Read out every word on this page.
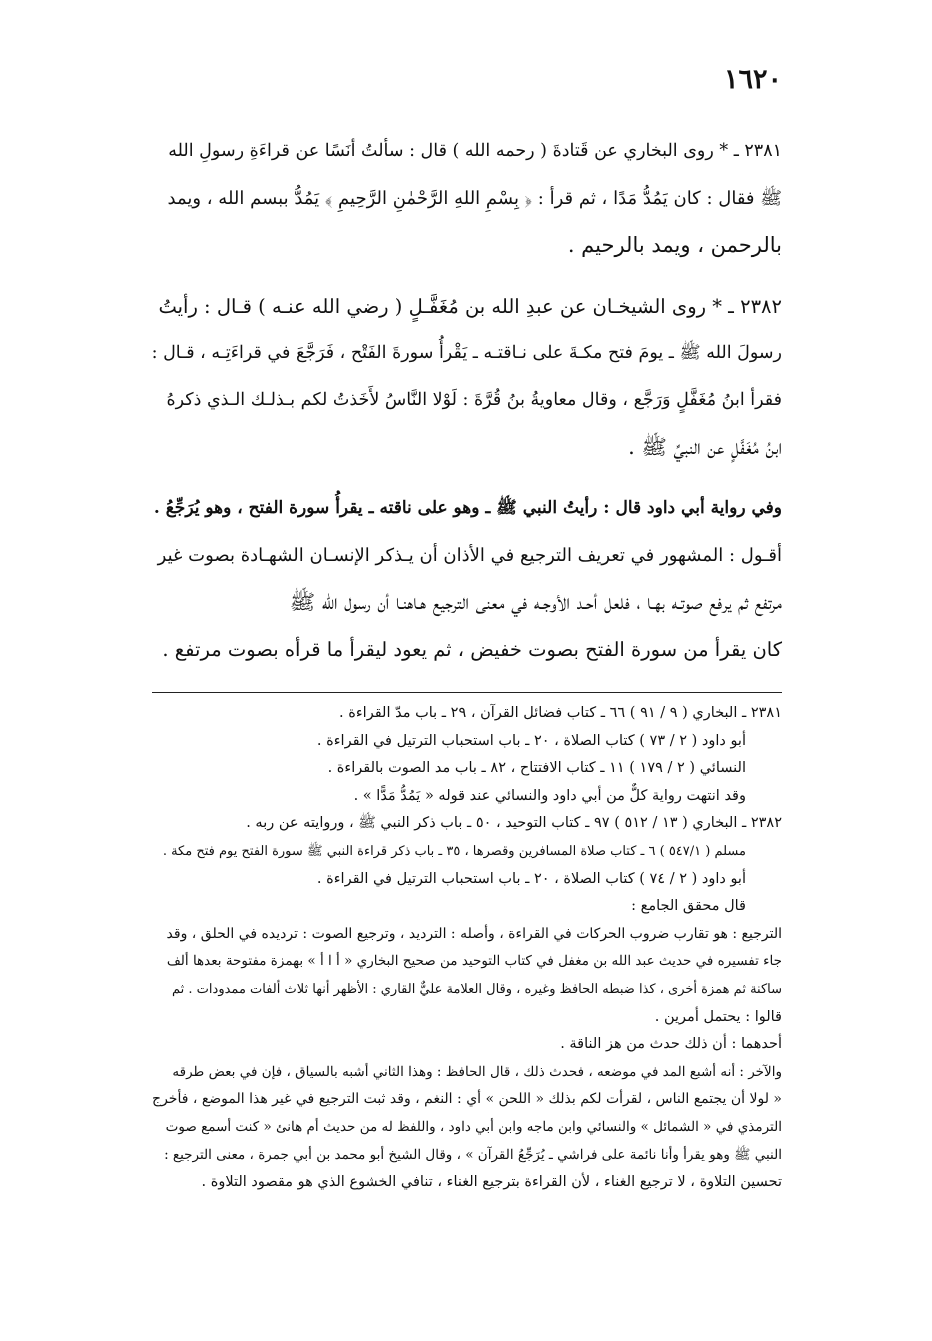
١٦٢٠

٢٣٨١ ـ * روى البخاري عن قَتادةَ ( رحمه الله ) قال : سألتُ أنَسًا عن قراءَةِ رسولِ الله
ﷺ فقال : كان يَمُدُّ مَدًا ، ثم قرأ : ﴿ بِسْمِ اللهِ الرَّحْمٰنِ الرَّحِيمِ ﴾ يَمُدُّ ببسم الله ، ويمد
بالرحمن ، ويمد بالرحيم .

٢٣٨٢ ـ * روى الشيخـان عن عبدِ الله بن مُغَفَّـلٍ ( رضي الله عنـه ) قـال : رأيتُ
رسولَ الله ﷺ ـ يومَ فتح مكـةَ على نـاقتـه ـ يَقْرأُ سورةَ الفَتْح ، فَرَجَّعَ في قراءَتِـه ، قـال :
فقرأ ابنُ مُغَفَّلٍ وَرَجَّع ، وقال معاويةُ بنُ قُرَّةَ : لَوْلا النَّاسُ لأَخَذتُ لكم بـذلـك الـذي ذكرهُ
ابنُ مُغَفَّلٍ عن النبيِّ ﷺ .

وفي رواية أبي داود قال : رأيتُ النبي ﷺ ـ وهو على ناقته ـ يقرأُ سورة الفتح ، وهو يُرَجِّعُ .

أقـول : المشهور في تعريف الترجيع في الأذان أن يـذكر الإنسـان الشهـادة بصوت غير
مرتفع ثم يرفع صوتـه بهـا ، فلعل أحـد الأوجـه في معنى الترجيع هـاهنـا أن رسول الله ﷺ
كان يقرأ من سورة الفتح بصوت خفيض ، ثم يعود ليقرأ ما قرأه بصوت مرتفع .

٢٣٨١ ـ البخاري ( ٩ / ٩١ ) ٦٦ ـ كتاب فضائل القرآن ، ٢٩ ـ باب مدّ القراءة .
أبو داود ( ٢ / ٧٣ ) كتاب الصلاة ، ٢٠ ـ باب استحباب الترتيل في القراءة .
النسائي ( ٢ / ١٧٩ ) ١١ ـ كتاب الافتتاح ، ٨٢ ـ باب مد الصوت بالقراءة .
وقد انتهت رواية كلٌّ من أبي داود والنسائي عند قوله « يَمُدُّ مَدًّا » .
٢٣٨٢ ـ البخاري ( ١٣ / ٥١٢ ) ٩٧ ـ كتاب التوحيد ، ٥٠ ـ باب ذكر النبي ﷺ ، وروايته عن ربه .
مسلم ( ٥٤٧/١ ) ٦ ـ كتاب صلاة المسافرين وقصرها ، ٣٥ ـ باب ذكر قراءة النبي ﷺ سورة الفتح يوم فتح مكة .
أبو داود ( ٢ / ٧٤ ) كتاب الصلاة ، ٢٠ ـ باب استحباب الترتيل في القراءة .
قال محقق الجامع :
الترجيع : هو تقارب ضروب الحركات في القراءة ، وأصله : الترديد ، وترجيع الصوت : ترديده في الحلق ، وقد
جاء تفسيره في حديث عبد الله بن مغفل في كتاب التوحيد من صحيح البخاري « أ ا أ » بهمزة مفتوحة بعدها ألف
ساكنة ثم همزة أخرى ، كذا ضبطه الحافظ وغيره ، وقال العلامة عليٌّ القاري : الأظهر أنها ثلاث ألفات ممدودات . ثم
قالوا : يحتمل أمرين .
أحدهما : أن ذلك حدث من هز الناقة .
والآخر : أنه أشبع المد في موضعه ، فحدث ذلك ، قال الحافظ : وهذا الثاني أشبه بالسياق ، فإن في بعض طرقه
« لولا أن يجتمع الناس ، لقرأت لكم بذلك « اللحن » أي : النغم ، وقد ثبت الترجيع في غير هذا الموضع ، فأخرج
الترمذي في « الشمائل » والنسائي وابن ماجه وابن أبي داود ، واللفظ له من حديث أم هانئ « كنت أسمع صوت
النبي ﷺ وهو يقرأ وأنا نائمة على فراشي ـ يُرَجِّعُ القرآن » ، وقال الشيخ أبو محمد بن أبي جمرة ، معنى الترجيع :
تحسين التلاوة ، لا ترجيع الغناء ، لأن القراءة بترجيع الغناء ، تنافي الخشوع الذي هو مقصود التلاوة .
